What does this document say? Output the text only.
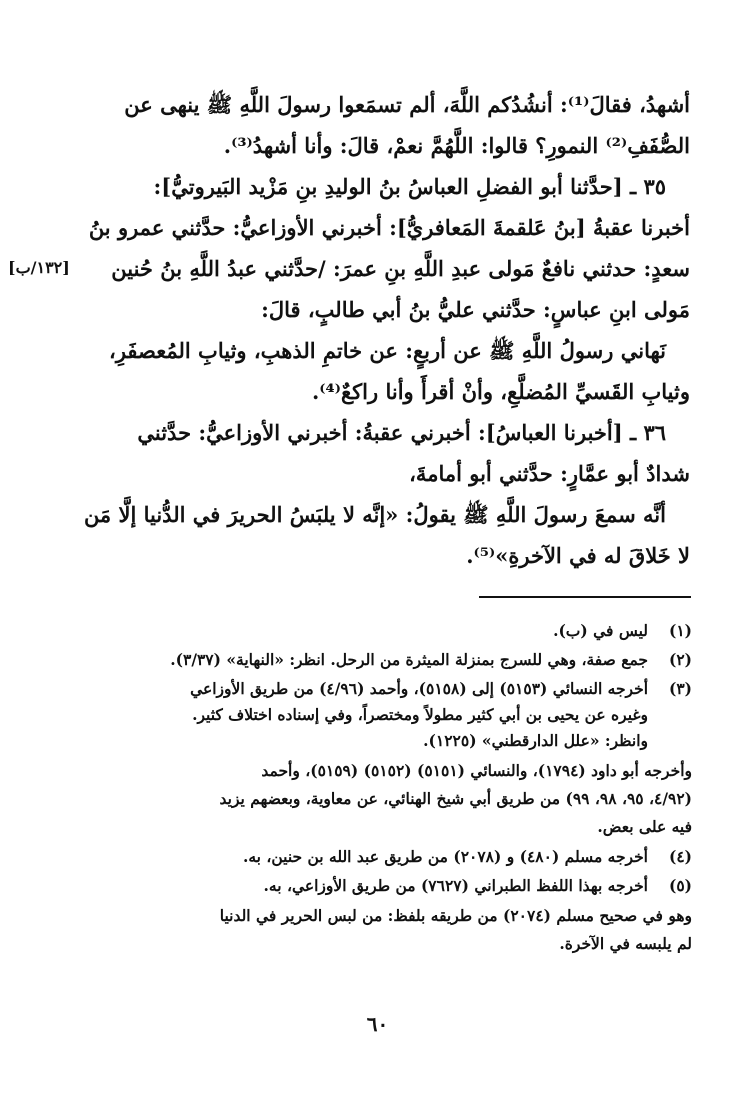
أشهدُ، فقالَ⁽¹⁾: أنشُدُكم اللَّهَ، ألم تسمَعوا رسولَ اللَّهِ ﷺ ينهى عن
الصُّفَفِ⁽²⁾ النمورِ؟ قالوا: اللَّهُمَّ نعمْ، قالَ: وأنا أشهدُ⁽³⁾.

٣٥ ـ [حدَّثنا أبو الفضلِ العباسُ بنُ الوليدِ بنِ مَزْيد البَيروتيُّ]:
أخبرنا عقبةُ [بنُ عَلقمةَ المَعافريُّ]: أخبرني الأوزاعيُّ: حدَّثني عمرو بنُ
سعدٍ: حدثني نافعٌ مَولى عبدِ اللَّهِ بنِ عمرَ: /حدَّثني عبدُ اللَّهِ بنُ حُنين
مَولى ابنِ عباسٍ: حدَّثني عليُّ بنُ أبي طالبٍ، قالَ:

نَهاني رسولُ اللَّهِ ﷺ عن أربعٍ: عن خاتمِ الذهبِ، وثيابِ المُعصفَرِ،
وثيابِ القَسيِّ المُضلَّعِ، وأنْ أقرأَ وأنا راكعٌ⁽⁴⁾.

٣٦ ـ [أخبرنا العباسُ]: أخبرني عقبةُ: أخبرني الأوزاعيُّ: حدَّثني
شدادٌ أبو عمَّارٍ: حدَّثني أبو أمامةَ،

أنَّه سمعَ رسولَ اللَّهِ ﷺ يقولُ: «إنَّه لا يلبَسُ الحريرَ في الدُّنيا إلَّا مَن
لا خَلاقَ له في الآخرةِ»⁽⁵⁾.

[١٣٢/ب]
(١)
ليس في (ب).
(٢)
جمع صفة، وهي للسرج بمنزلة الميثرة من الرحل. انظر: «النهاية» (٣/٣٧).
(٣)
أخرجه النسائي (٥١٥٣) إلى (٥١٥٨)، وأحمد (٤/٩٦) من طريق الأوزاعي
وغيره عن يحيى بن أبي كثير مطولاً ومختصراً، وفي إسناده اختلاف كثير.
وانظر: «علل الدارقطني» (١٢٢٥).
وأخرجه أبو داود (١٧٩٤)، والنسائي (٥١٥١) (٥١٥٢) (٥١٥٩)، وأحمد
(٤/٩٢، ٩٥، ٩٨، ٩٩) من طريق أبي شيخ الهنائي، عن معاوية، وبعضهم يزيد
فيه على بعض.
(٤)
أخرجه مسلم (٤٨٠) و (٢٠٧٨) من طريق عبد الله بن حنين، به.
(٥)
أخرجه بهذا اللفظ الطبراني (٧٦٢٧) من طريق الأوزاعي، به.
وهو في صحيح مسلم (٢٠٧٤) من طريقه بلفظ: من لبس الحرير في الدنيا
لم يلبسه في الآخرة.
٦٠
